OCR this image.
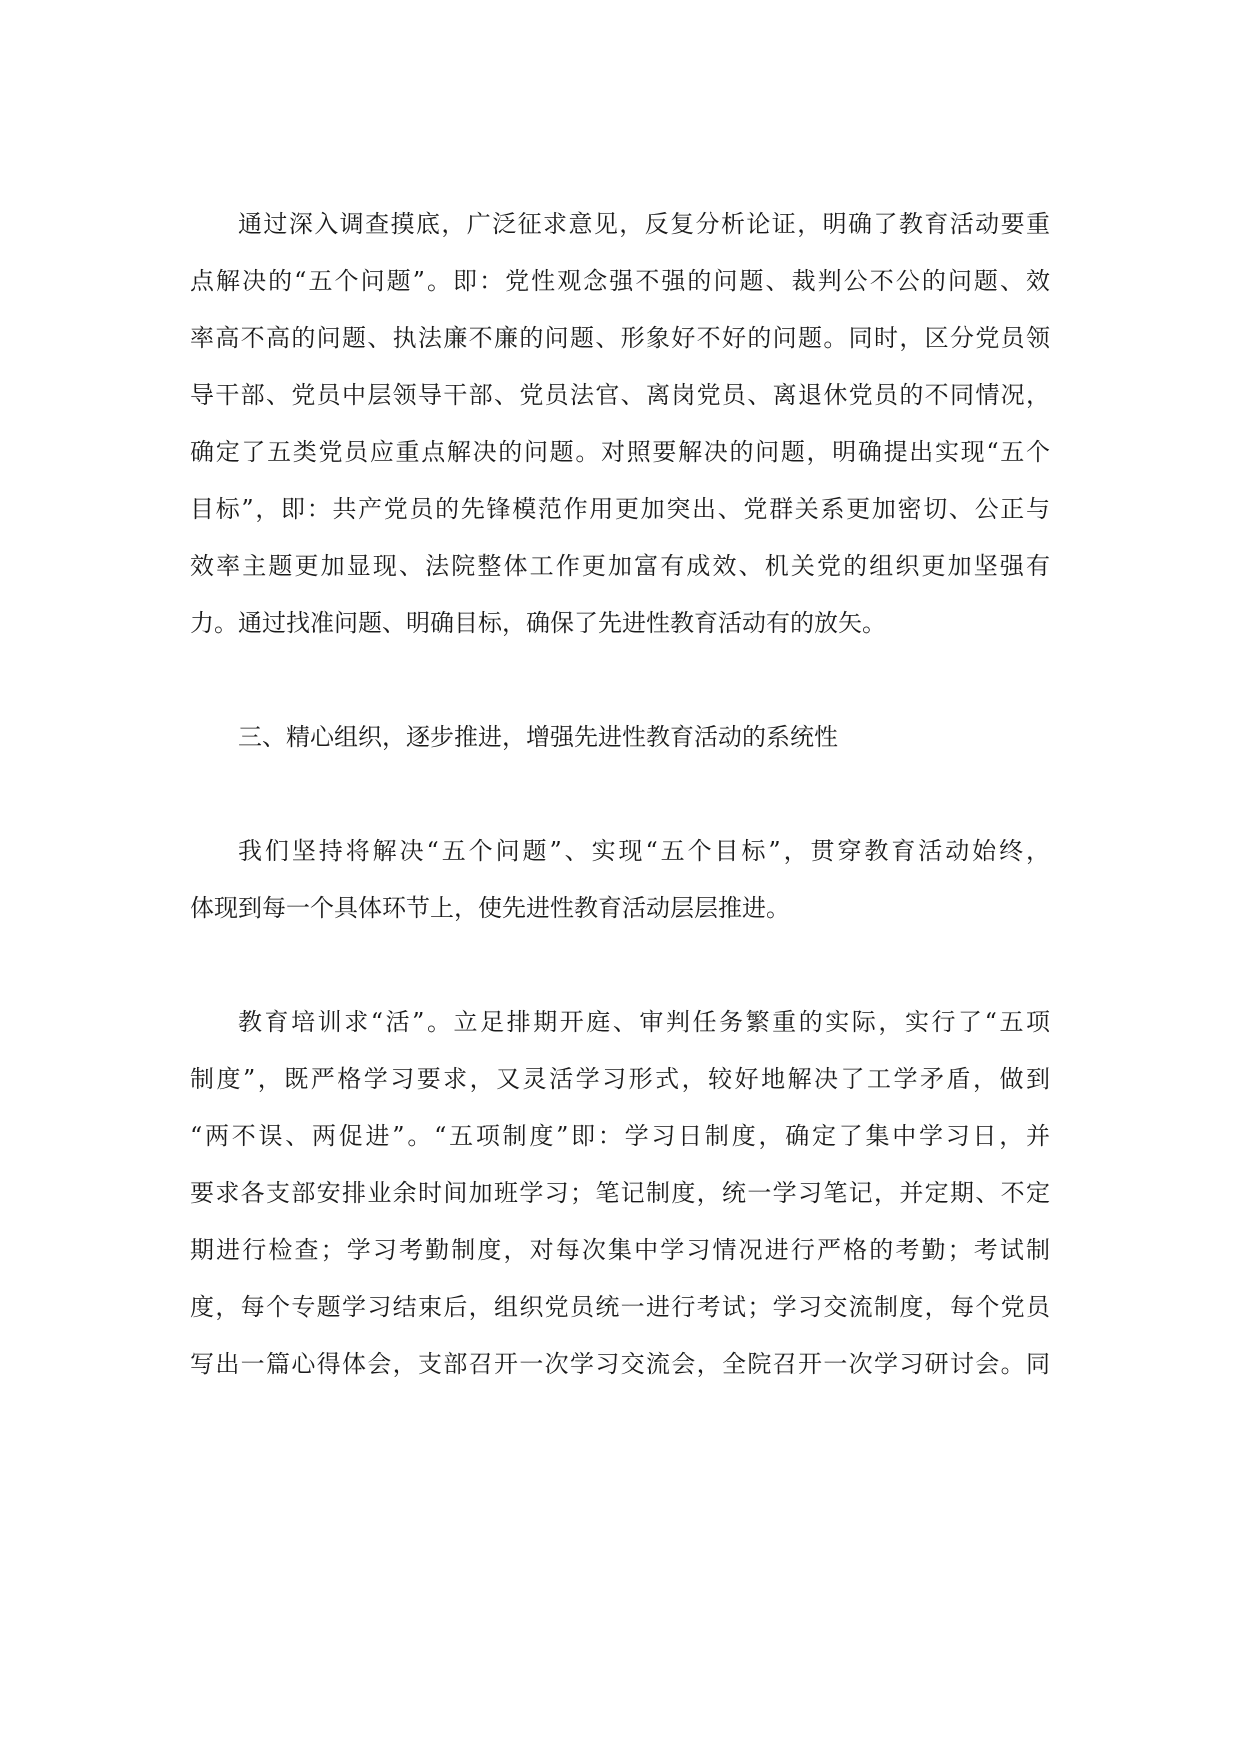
通过深入调查摸底，广泛征求意见，反复分析论证，明确了教育活动要重
点解决的“五个问题”。即：党性观念强不强的问题、裁判公不公的问题、效
率高不高的问题、执法廉不廉的问题、形象好不好的问题。同时，区分党员领
导干部、党员中层领导干部、党员法官、离岗党员、离退休党员的不同情况，
确定了五类党员应重点解决的问题。对照要解决的问题，明确提出实现“五个
目标”，即：共产党员的先锋模范作用更加突出、党群关系更加密切、公正与
效率主题更加显现、法院整体工作更加富有成效、机关党的组织更加坚强有
力。通过找准问题、明确目标，确保了先进性教育活动有的放矢。
三、精心组织，逐步推进，增强先进性教育活动的系统性
我们坚持将解决“五个问题”、实现“五个目标”，贯穿教育活动始终，
体现到每一个具体环节上，使先进性教育活动层层推进。
教育培训求“活”。立足排期开庭、审判任务繁重的实际，实行了“五项
制度”，既严格学习要求，又灵活学习形式，较好地解决了工学矛盾，做到
“两不误、两促进”。“五项制度”即：学习日制度，确定了集中学习日，并
要求各支部安排业余时间加班学习；笔记制度，统一学习笔记，并定期、不定
期进行检查；学习考勤制度，对每次集中学习情况进行严格的考勤；考试制
度，每个专题学习结束后，组织党员统一进行考试；学习交流制度，每个党员
写出一篇心得体会，支部召开一次学习交流会，全院召开一次学习研讨会。同
